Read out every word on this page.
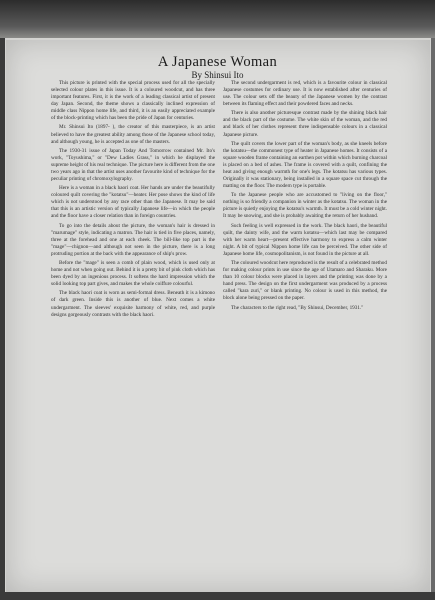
A Japanese Woman
By Shinsui Ito

This picture is printed with the special process used for all the specially selected colour plates in this issue. It is a coloured woodcut, and has three important features. First, it is the work of a leading classical artist of present day Japan. Second, the theme shows a classically inclined expression of middle class Nippon home life, and third, it is an easily appreciated example of the block-printing which has been the pride of Japan for centuries.

Mr. Shinsui Ito (1897- ), the creator of this masterpiece, is an artist believed to have the greatest ability among those of the Japanese school today, and although young, he is accepted as one of the masters.

The 1930-31 issue of Japan Today And Tomorrow contained Mr. Ito's work, "Toyushima," or "Dew Ladies Grass," in which he displayed the supreme height of his real technique. The picture here is different from the one two years ago in that the artist uses another favourite kind of technique for the peculiar printing of chromoxylography.

Here is a woman in a black haori coat. Her hands are under the beautifully coloured quilt covering the "kotatsu"—heater. Her pose shows the kind of life which is not understood by any race other than the Japanese. It may be said that this is an artistic version of typically Japanese life—in which the people and the floor have a closer relation than in foreign countries.

To go into the details about the picture, the woman's hair is dressed in "marumage" style, indicating a matron. The hair is tied in five places, namely, three at the forehead and one at each cheek. The bill-like top part is the "mage"—chignon—and although not seen in the picture, there is a long protruding portion at the back with the appearance of ship's prow.

Before the "mage" is seen a comb of plain wood, which is used only at home and not when going out. Behind it is a pretty bit of pink cloth which has been dyed by an ingenious process. It softens the hard impression which the solid looking top part gives, and makes the whole coiffure colourful.

The black haori coat is worn as semi-formal dress. Beneath it is a kimono of dark green. Inside this is another of blue. Next comes a white undergarment. The sleeves' exquisite harmony of white, red, and purple designs gorgeously contrasts with the black haori.

The second undergarment is red, which is a favourite colour in classical Japanese costumes for ordinary use. It is now established after centuries of use. The colour sets off the beauty of the Japanese women by the contrast between its flaming effect and their powdered faces and necks.

There is also another picturesque contrast made by the shining black hair and the black part of the costume. The white skin of the woman, and the red and black of her clothes represent three indispensable colours in a classical Japanese picture.

The quilt covers the lower part of the woman's body, as she kneels before the kotatsu—the commonest type of heater in Japanese homes. It consists of a square wooden frame containing an earthen pot within which burning charcoal is placed on a bed of ashes. The frame is covered with a quilt, confining the heat and giving enough warmth for one's legs. The kotatsu has various types. Originally it was stationary, being installed in a square space cut through the matting on the floor. The modern type is portable.

To the Japanese people who are accustomed to "living on the floor," nothing is so friendly a companion in winter as the kotatsu. The woman in the picture is quietly enjoying the kotatsu's warmth. It must be a cold winter night. It may be snowing, and she is probably awaiting the return of her husband.

Such feeling is well expressed in the work. The black haori, the beautiful quilt, the dainty wife, and the warm kotatsu—which last may be compared with her warm heart—present effective harmony to express a calm winter night. A bit of typical Nippon home life can be perceived. The other side of Japanese home life, cosmopolitanism, is not found in the picture at all.

The coloured woodcut here reproduced is the result of a celebrated method for making colour prints in use since the age of Utamaro and Sharaku. More than 10 colour blocks were placed in layers and the printing was done by a hand press. The design on the first undergarment was produced by a process called "kara zuri," or blank printing. No colour is used in this method, the block alone being pressed on the paper.

The characters to the right read, "By Shinsui, December, 1931."
